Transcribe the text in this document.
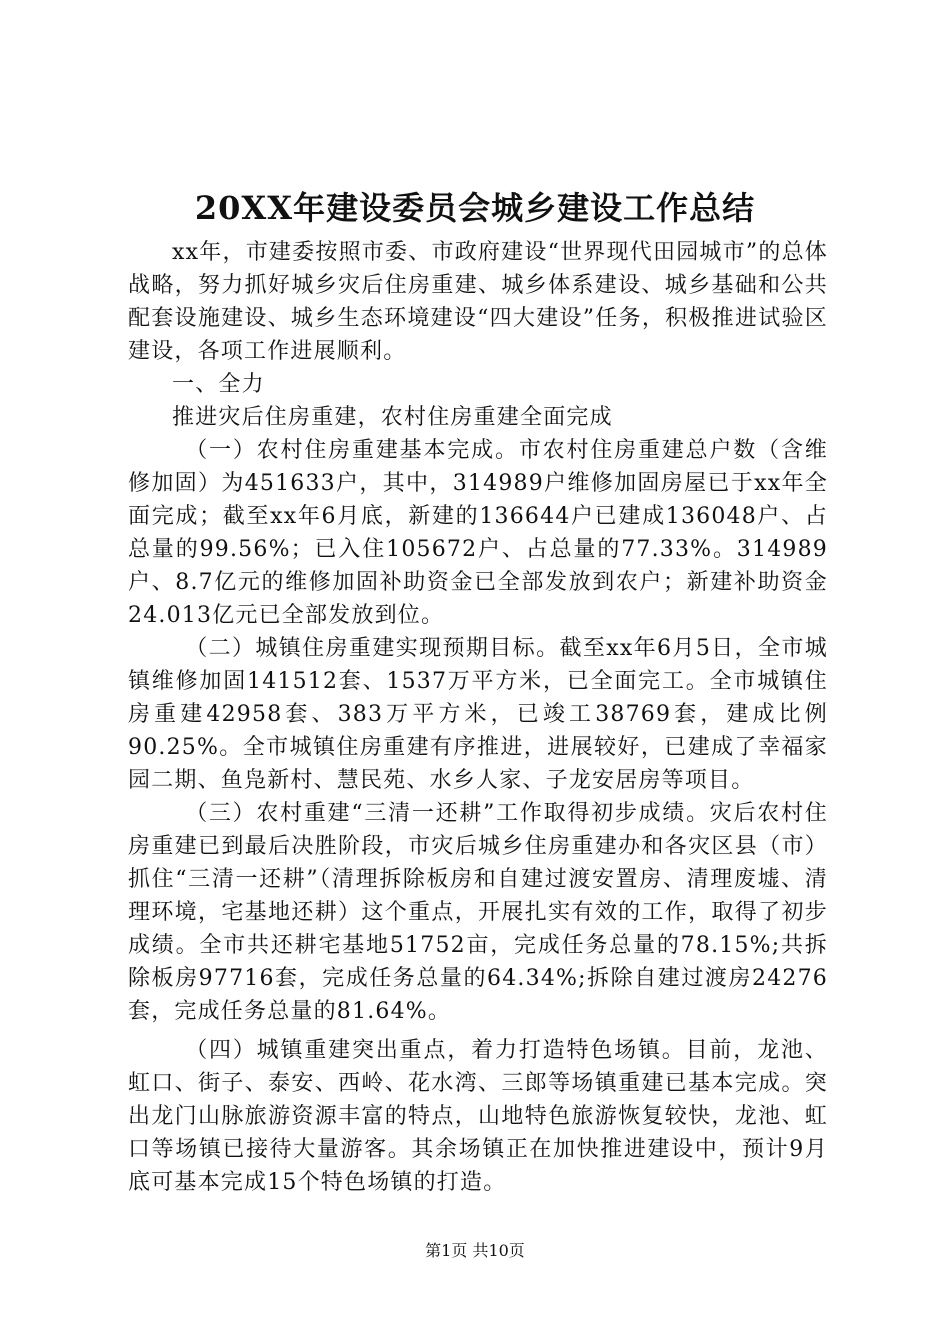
20XX年建设委员会城乡建设工作总结

xx年，市建委按照市委、市政府建设“世界现代田园城市”的总体战略，努力抓好城乡灾后住房重建、城乡体系建设、城乡基础和公共配套设施建设、城乡生态环境建设“四大建设”任务，积极推进试验区建设，各项工作进展顺利。

一、全力

推进灾后住房重建，农村住房重建全面完成

（一）农村住房重建基本完成。市农村住房重建总户数（含维修加固）为451633户，其中，314989户维修加固房屋已于xx年全面完成；截至xx年6月底，新建的136644户已建成136048户、占总量的99.56%；已入住105672户、占总量的77.33%。314989户、8.7亿元的维修加固补助资金已全部发放到农户；新建补助资金24.013亿元已全部发放到位。

（二）城镇住房重建实现预期目标。截至xx年6月5日，全市城镇维修加固141512套、1537万平方米，已全面完工。全市城镇住房重建42958套、383万平方米，已竣工38769套，建成比例90.25%。全市城镇住房重建有序推进，进展较好，已建成了幸福家园二期、鱼凫新村、慧民苑、水乡人家、子龙安居房等项目。

（三）农村重建“三清一还耕”工作取得初步成绩。灾后农村住房重建已到最后决胜阶段，市灾后城乡住房重建办和各灾区县（市）抓住“三清一还耕”（清理拆除板房和自建过渡安置房、清理废墟、清理环境，宅基地还耕）这个重点，开展扎实有效的工作，取得了初步成绩。全市共还耕宅基地51752亩，完成任务总量的78.15%;共拆除板房97716套，完成任务总量的64.34%;拆除自建过渡房24276套，完成任务总量的81.64%。

（四）城镇重建突出重点，着力打造特色场镇。目前，龙池、虹口、街子、泰安、西岭、花水湾、三郎等场镇重建已基本完成。突出龙门山脉旅游资源丰富的特点，山地特色旅游恢复较快，龙池、虹口等场镇已接待大量游客。其余场镇正在加快推进建设中，预计9月底可基本完成15个特色场镇的打造。

第1页 共10页
